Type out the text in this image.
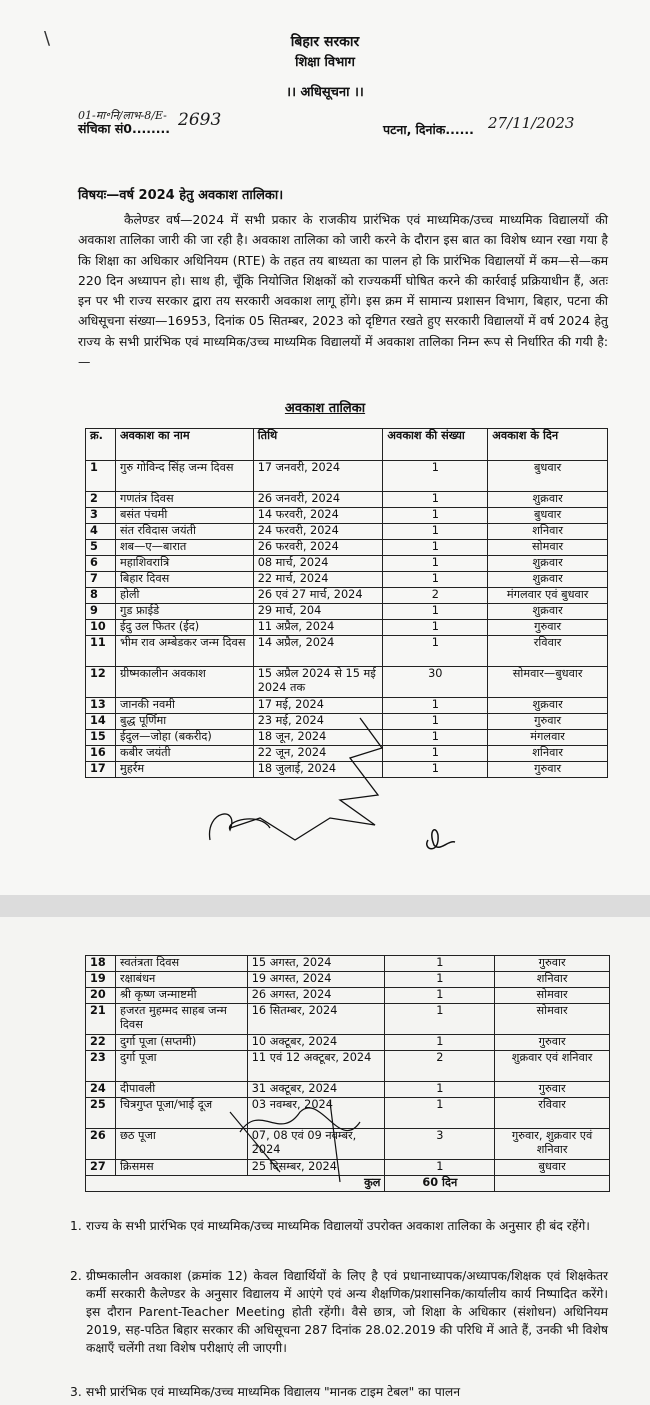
बिहार सरकार
शिक्षा विभाग
।। अधिसूचना ।।
01-मा॰नि/लाभ-8/E-
संचिका सं0........ 2693	पटना, दिनांक...... 27/11/2023
विषयः—वर्ष 2024 हेतु अवकाश तालिका।
कैलेण्डर वर्ष—2024 में सभी प्रकार के राजकीय प्रारंभिक एवं माध्यमिक/उच्च माध्यमिक विद्यालयों की अवकाश तालिका जारी की जा रही है। अवकाश तालिका को जारी करने के दौरान इस बात का विशेष ध्यान रखा गया है कि शिक्षा का अधिकार अधिनियम (RTE) के तहत तय बाध्यता का पालन हो कि प्रारंभिक विद्यालयों में कम—से—कम 220 दिन अध्यापन हो। साथ ही, चूँकि नियोजित शिक्षकों को राज्यकर्मी घोषित करने की कार्रवाई प्रक्रियाधीन हैं, अतः इन पर भी राज्य सरकार द्वारा तय सरकारी अवकाश लागू होंगे। इस क्रम में सामान्य प्रशासन विभाग, बिहार, पटना की अधिसूचना संख्या—16953, दिनांक 05 सितम्बर, 2023 को दृष्टिगत रखते हुए सरकारी विद्यालयों में वर्ष 2024 हेतु राज्य के सभी प्रारंभिक एवं माध्यमिक/उच्च माध्यमिक विद्यालयों में अवकाश तालिका निम्न रूप से निर्धारित की गयी है:—
अवकाश तालिका
क्र.	अवकाश का नाम	तिथि	अवकाश की संख्या	अवकाश के दिन
1	गुरु गोविन्द सिंह जन्म दिवस	17 जनवरी, 2024	1	बुधवार
2	गणतंत्र दिवस	26 जनवरी, 2024	1	शुक्रवार
3	बसंत पंचमी	14 फरवरी, 2024	1	बुधवार
4	संत रविदास जयंती	24 फरवरी, 2024	1	शनिवार
5	शब—ए—बारात	26 फरवरी, 2024	1	सोमवार
6	महाशिवरात्रि	08 मार्च, 2024	1	शुक्रवार
7	बिहार दिवस	22 मार्च, 2024	1	शुक्रवार
8	होली	26 एवं 27 मार्च, 2024	2	मंगलवार एवं बुधवार
9	गुड फ्राईडे	29 मार्च, 204	1	शुक्रवार
10	ईदु उल फितर (ईद)	11 अप्रैल, 2024	1	गुरुवार
11	भीम राव अम्बेडकर जन्म दिवस	14 अप्रैल, 2024	1	रविवार
12	ग्रीष्मकालीन अवकाश	15 अप्रैल 2024 से 15 मई 2024 तक	30	सोमवार—बुधवार
13	जानकी नवमी	17 मई, 2024	1	शुक्रवार
14	बुद्ध पूर्णिमा	23 मई, 2024	1	गुरुवार
15	ईदुल—जोहा (बकरीद)	18 जून, 2024	1	मंगलवार
16	कबीर जयंती	22 जून, 2024	1	शनिवार
17	मुहर्रम	18 जुलाई, 2024	1	गुरुवार
\
18	स्वतंत्रता दिवस	15 अगस्त, 2024	1	गुरुवार
19	रक्षाबंधन	19 अगस्त, 2024	1	शनिवार
20	श्री कृष्ण जन्माष्टमी	26 अगस्त, 2024	1	सोमवार
21	हजरत मुहम्मद साहब जन्म दिवस	16 सितम्बर, 2024	1	सोमवार
22	दुर्गा पूजा (सप्तमी)	10 अक्टूबर, 2024	1	गुरुवार
23	दुर्गा पूजा	11 एवं 12 अक्टूबर, 2024	2	शुक्रवार एवं शनिवार
24	दीपावली	31 अक्टूबर, 2024	1	गुरुवार
25	चित्रगुप्त पूजा/भाई दूज	03 नवम्बर, 2024	1	रविवार
26	छठ पूजा	07, 08 एवं 09 नवम्बर, 2024	3	गुरुवार, शुक्रवार एवं शनिवार
27	क्रिसमस	25 दिसम्बर, 2024	1	बुधवार
कुल			60 दिन	
1. राज्य के सभी प्रारंभिक एवं माध्यमिक/उच्च माध्यमिक विद्यालयों उपरोक्त अवकाश तालिका के अनुसार ही बंद रहेंगे।
2. ग्रीष्मकालीन अवकाश (क्रमांक 12) केवल विद्यार्थियों के लिए है एवं प्रधानाध्यापक/अध्यापक/शिक्षक एवं शिक्षकेतर कर्मी सरकारी कैलेण्डर के अनुसार विद्यालय में आएंगे एवं अन्य शैक्षणिक/प्रशासनिक/कार्यालीय कार्य निष्पादित करेंगे। इस दौरान Parent-Teacher Meeting होती रहेंगी। वैसे छात्र, जो शिक्षा के अधिकार (संशोधन) अधिनियम 2019, सह-पठित बिहार सरकार की अधिसूचना 287 दिनांक 28.02.2019 की परिधि में आते हैं, उनकी भी विशेष कक्षाएँ चलेंगी तथा विशेष परीक्षाएं ली जाएगी।
3. सभी प्रारंभिक एवं माध्यमिक/उच्च माध्यमिक विद्यालय "मानक टाइम टेबल" का पालन
